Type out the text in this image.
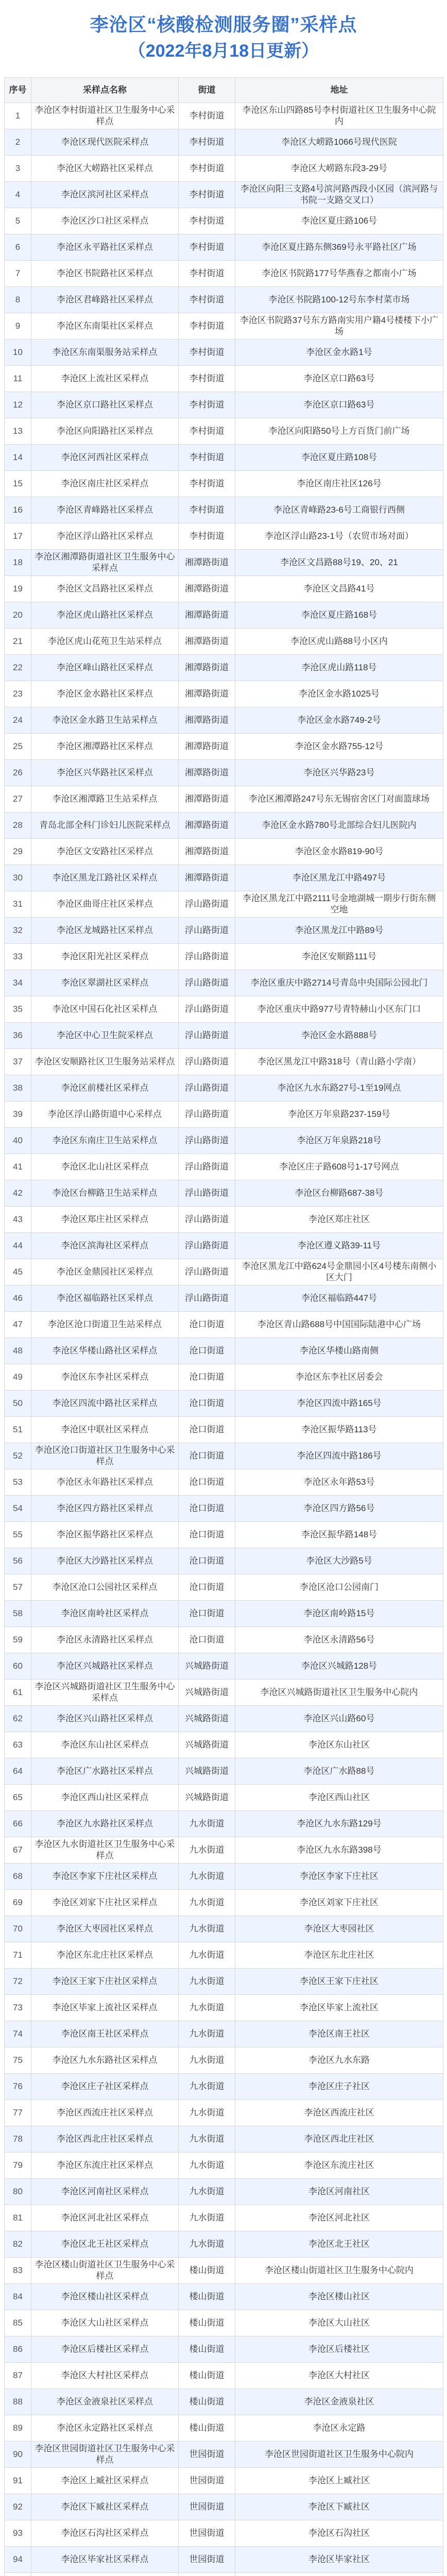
李沧区“核酸检测服务圈”采样点
（2022年8月18日更新）
序号	采样点名称	街道	地址
1	李沧区李村街道社区卫生服务中心采样点	李村街道	李沧区东山四路85号李村街道社区卫生服务中心院内
2	李沧区现代医院采样点	李村街道	李沧区大崂路1066号现代医院
3	李沧区大崂路社区采样点	李村街道	李沧区大崂路东段3-29号
4	李沧区滨河社区采样点	李村街道	李沧区向阳三支路4号滨河路西段小区园（滨河路与书院一支路交叉口）
5	李沧区沙口社区采样点	李村街道	李沧区夏庄路106号
6	李沧区永平路社区采样点	李村街道	李沧区夏庄路东侧369号永平路社区广场
7	李沧区书院路社区采样点	李村街道	李沧区书院路177号华燕春之都南小广场
8	李沧区君峰路社区采样点	李村街道	李沧区书院路100-12号东李村菜市场
9	李沧区东南渠社区采样点	李村街道	李沧区书院路37号东方路南实用户籍4号楼楼下小广场
10	李沧区东南渠服务站采样点	李村街道	李沧区金水路1号
11	李沧区上流社区采样点	李村街道	李沧区京口路63号
12	李沧区京口路社区采样点	李村街道	李沧区京口路63号
13	李沧区向阳路社区采样点	李村街道	李沧区向阳路50号上方百货门前广场
14	李沧区河西社区采样点	李村街道	李沧区夏庄路108号
15	李沧区南庄社区采样点	李村街道	李沧区南庄社区126号
16	李沧区青峰路社区采样点	李村街道	李沧区青峰路23-6号工商银行西侧
17	李沧区浮山路社区采样点	李村街道	李沧区浮山路23-1号（农贸市场对面）
18	李沧区湘潭路街道社区卫生服务中心采样点	湘潭路街道	李沧区文昌路88号19、20、21
19	李沧区文昌路社区采样点	湘潭路街道	李沧区文昌路41号
20	李沧区虎山路社区采样点	湘潭路街道	李沧区夏庄路168号
21	李沧区虎山花苑卫生站采样点	湘潭路街道	李沧区虎山路88号小区内
22	李沧区峰山路社区采样点	湘潭路街道	李沧区虎山路118号
23	李沧区金水路社区采样点	湘潭路街道	李沧区金水路1025号
24	李沧区金水路卫生站采样点	湘潭路街道	李沧区金水路749-2号
25	李沧区湘潭路社区采样点	湘潭路街道	李沧区金水路755-12号
26	李沧区兴华路社区采样点	湘潭路街道	李沧区兴华路23号
27	李沧区湘潭路卫生站采样点	湘潭路街道	李沧区湘潭路247号东无锡宿舍区门对面篮球场
28	青岛北部全科门诊妇儿医院采样点	湘潭路街道	李沧区金水路780号北部综合妇儿医院内
29	李沧区文安路社区采样点	湘潭路街道	李沧区金水路819-90号
30	李沧区黑龙江路社区采样点	湘潭路街道	李沧区黑龙江中路497号
31	李沧区曲哥庄社区采样点	浮山路街道	李沧区黑龙江中路2111号金地湖城一期步行街东侧空地
32	李沧区龙城路社区采样点	浮山路街道	李沧区黑龙江中路89号
33	李沧区阳光社区采样点	浮山路街道	李沧区安顺路111号
34	李沧区翠湖社区采样点	浮山路街道	李沧区重庆中路2714号青岛中央国际公园北门
35	李沧区中国石化社区采样点	浮山路街道	李沧区重庆中路977号青特赫山小区东门口
36	李沧区中心卫生院采样点	浮山路街道	李沧区金水路888号
37	李沧区安顺路社区卫生服务站采样点	浮山路街道	李沧区黑龙江中路318号（青山路小学南）
38	李沧区前楼社区采样点	浮山路街道	李沧区九水东路27号-1至19网点
39	李沧区浮山路街道中心采样点	浮山路街道	李沧区万年泉路237-159号
40	李沧区东南庄卫生站采样点	浮山路街道	李沧区万年泉路218号
41	李沧区北山社区采样点	浮山路街道	李沧区庄子路608号1-17号网点
42	李沧区台柳路卫生站采样点	浮山路街道	李沧区台柳路687-38号
43	李沧区郑庄社区采样点	浮山路街道	李沧区郑庄社区
44	李沧区滨海社区采样点	浮山路街道	李沧区遵义路39-11号
45	李沧区金鼎园社区采样点	浮山路街道	李沧区黑龙江中路624号金鼎园小区4号楼东南侧小区大门
46	李沧区福临路社区采样点	浮山路街道	李沧区福临路447号
47	李沧区沧口街道卫生站采样点	沧口街道	李沧区青山路688号中国国际陆港中心广场
48	李沧区华楼山路社区采样点	沧口街道	李沧区华楼山路南侧
49	李沧区东李社区采样点	沧口街道	李沧区东李社区居委会
50	李沧区四流中路社区采样点	沧口街道	李沧区四流中路165号
51	李沧区中联社区采样点	沧口街道	李沧区振华路113号
52	李沧区沧口街道社区卫生服务中心采样点	沧口街道	李沧区四流中路186号
53	李沧区永年路社区采样点	沧口街道	李沧区永年路53号
54	李沧区四方路社区采样点	沧口街道	李沧区四方路56号
55	李沧区振华路社区采样点	沧口街道	李沧区振华路148号
56	李沧区大沙路社区采样点	沧口街道	李沧区大沙路5号
57	李沧区沧口公园社区采样点	沧口街道	李沧区沧口公园南门
58	李沧区南岭社区采样点	沧口街道	李沧区南岭路15号
59	李沧区永清路社区采样点	沧口街道	李沧区永清路56号
60	李沧区兴城路社区采样点	兴城路街道	李沧区兴城路128号
61	李沧区兴城路街道社区卫生服务中心采样点	兴城路街道	李沧区兴城路街道社区卫生服务中心院内
62	李沧区兴山路社区采样点	兴城路街道	李沧区兴山路60号
63	李沧区东山社区采样点	兴城路街道	李沧区东山社区
64	李沧区广水路社区采样点	兴城路街道	李沧区广水路88号
65	李沧区西山社区采样点	兴城路街道	李沧区西山社区
66	李沧区九水路社区采样点	九水街道	李沧区九水东路129号
67	李沧区九水街道社区卫生服务中心采样点	九水街道	李沧区九水东路398号
68	李沧区李家下庄社区采样点	九水街道	李沧区李家下庄社区
69	李沧区刘家下庄社区采样点	九水街道	李沧区刘家下庄社区
70	李沧区大枣园社区采样点	九水街道	李沧区大枣园社区
71	李沧区东北庄社区采样点	九水街道	李沧区东北庄社区
72	李沧区王家下庄社区采样点	九水街道	李沧区王家下庄社区
73	李沧区毕家上流社区采样点	九水街道	李沧区毕家上流社区
74	李沧区南王社区采样点	九水街道	李沧区南王社区
75	李沧区九水东路社区采样点	九水街道	李沧区九水东路
76	李沧区庄子社区采样点	九水街道	李沧区庄子社区
77	李沧区西流庄社区采样点	九水街道	李沧区西流庄社区
78	李沧区西北庄社区采样点	九水街道	李沧区西北庄社区
79	李沧区东流庄社区采样点	九水街道	李沧区东流庄社区
80	李沧区河南社区采样点	九水街道	李沧区河南社区
81	李沧区河北社区采样点	九水街道	李沧区河北社区
82	李沧区北王社区采样点	九水街道	李沧区北王社区
83	李沧区楼山街道社区卫生服务中心采样点	楼山街道	李沧区楼山街道社区卫生服务中心院内
84	李沧区楼山社区采样点	楼山街道	李沧区楼山社区
85	李沧区大山社区采样点	楼山街道	李沧区大山社区
86	李沧区后楼社区采样点	楼山街道	李沧区后楼社区
87	李沧区大村社区采样点	楼山街道	李沧区大村社区
88	李沧区金液泉社区采样点	楼山街道	李沧区金液泉社区
89	李沧区永定路社区采样点	楼山街道	李沧区永定路
90	李沧区世园街道社区卫生服务中心采样点	世园街道	李沧区世园街道社区卫生服务中心院内
91	李沧区上臧社区采样点	世园街道	李沧区上臧社区
92	李沧区下臧社区采样点	世园街道	李沧区下臧社区
93	李沧区石沟社区采样点	世园街道	李沧区石沟社区
94	李沧区毕家社区采样点	世园街道	李沧区毕家社区
